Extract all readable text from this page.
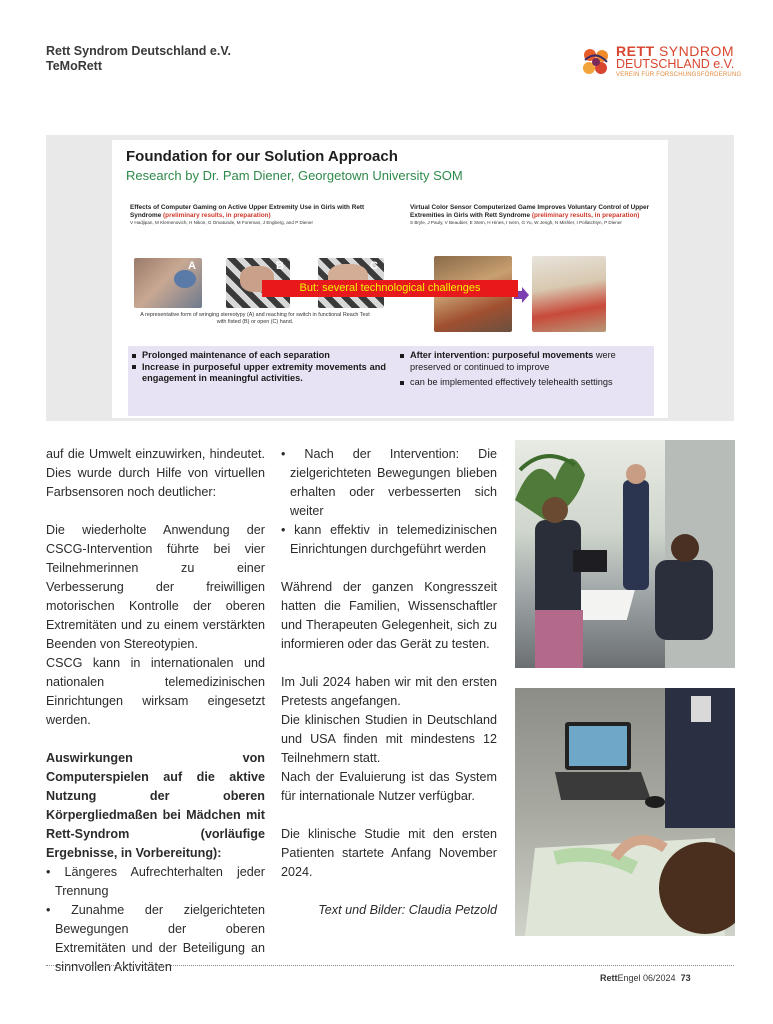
Rett Syndrom Deutschland e.V.
TeMoRett
RETT SYNDROM
DEUTSCHLAND e.V.
VEREIN FÜR FORSCHUNGSFÖRDERUNG
Foundation for our Solution Approach
Research by Dr. Pam Diener, Georgetown University SOM
Effects of Computer Gaming on Active Upper Extremity Use in Girls with Rett Syndrome (preliminary results, in preparation)
V Hadjipan, M Klemenovich, H Nikon, G Omatunde, M Foreman, J Engberg, and P Diener
Virtual Color Sensor Computerized Game Improves Voluntary Control of Upper Extremities in Girls with Rett Syndrome (preliminary results, in preparation)
S Bryle, J Pauly, V Beaubier, E Stem, H Hines, I Ivern, G Yu, W Jengh, N Mishler, I Pollatchtyn, P Diener
A	B	C
But: several technological challenges
A representative form of wringing stereotypy (A) and reaching for switch in functional Reach Test with fisted (B) or open (C) hand.
Prolonged maintenance of each separation
Increase in purposeful upper extremity movements and engagement in meaningful activities.
After intervention: purposeful movements were preserved or continued to improve
can be implemented effectively telehealth settings

auf die Umwelt einzuwirken, hindeutet. Dies wurde durch Hilfe von virtuellen Farbsensoren noch deutlicher:

Die wiederholte Anwendung der CSCG-Intervention führte bei vier Teilnehmerinnen zu einer Verbesserung der freiwilligen motorischen Kontrolle der oberen Extremitäten und zu einem verstärkten Beenden von Stereotypien.

CSCG kann in internationalen und nationalen telemedizinischen Einrichtungen wirksam eingesetzt werden.

Auswirkungen von Computerspielen auf die aktive Nutzung der oberen Körpergliedmaßen bei Mädchen mit Rett-Syndrom (vorläufige Ergebnisse, in Vorbereitung):

• Längeres Aufrechterhalten jeder Trennung

• Zunahme der zielgerichteten Bewegungen der oberen Extremitäten und der Beteiligung an sinnvollen Aktivitäten

• Nach der Intervention: Die zielgerichteten Bewegungen blieben erhalten oder verbesserten sich weiter

• kann effektiv in telemedizinischen Einrichtungen durchgeführt werden

Während der ganzen Kongresszeit hatten die Familien, Wissenschaftler und Therapeuten Gelegenheit, sich zu informieren oder das Gerät zu testen.

Im Juli 2024 haben wir mit den ersten Pretests angefangen.

Die klinischen Studien in Deutschland und USA finden mit mindestens 12 Teilnehmern statt.

Nach der Evaluierung ist das System für internationale Nutzer verfügbar.

Die klinische Studie mit den ersten Patienten startete Anfang November 2024.

Text und Bilder: Claudia Petzold

RettEngel 06/2024 73
